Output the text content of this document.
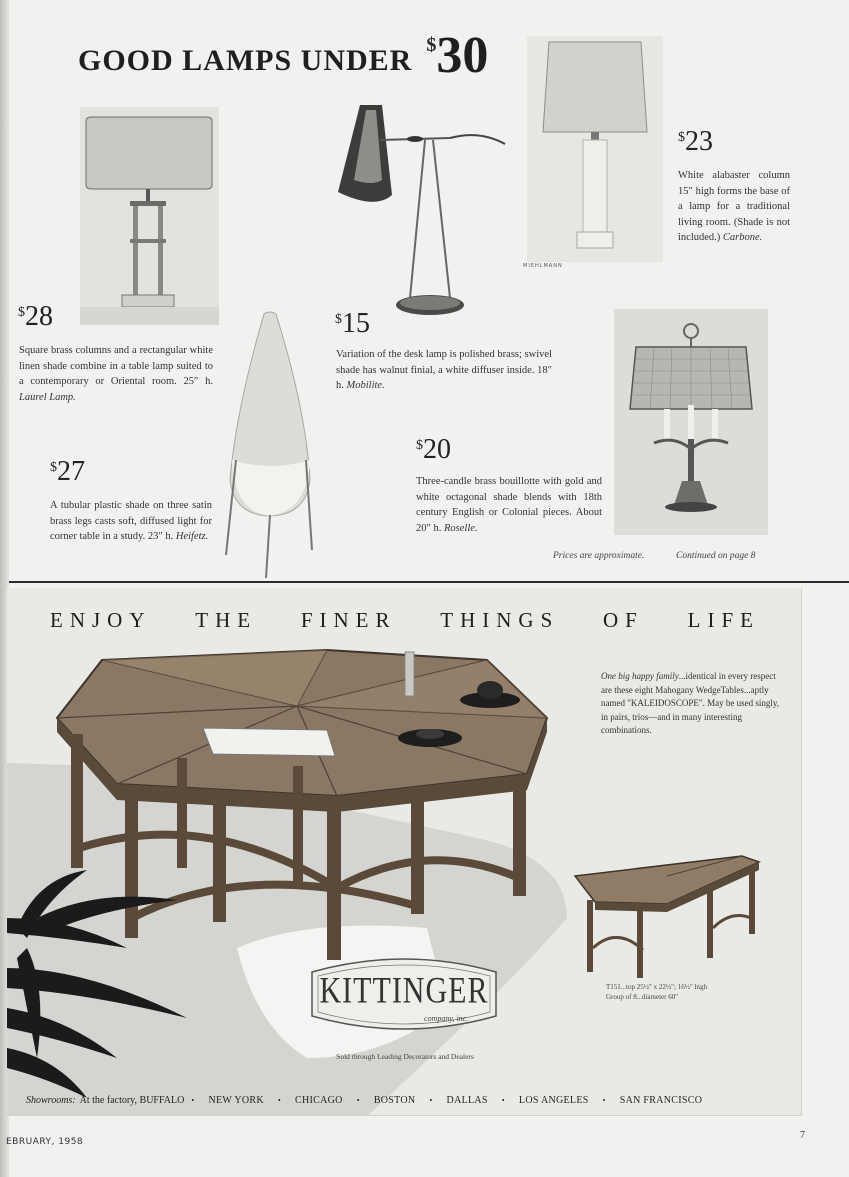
GOOD LAMPS UNDER $ 30
MIEHLMANN
$ 28
Square brass columns and a rectangular white linen shade combine in a table lamp suited to a contemporary or Oriental room. 25″ h. Laurel Lamp.
$ 15
Variation of the desk lamp is polished brass; swivel shade has walnut finial, a white diffuser inside. 18″ h. Mobilite.
$ 23
White alabaster column 15″ high forms the base of a lamp for a traditional living room. (Shade is not included.) Carbone.
$ 27
A tubular plastic shade on three satin brass legs casts soft, diffused light for corner table in a study. 23″ h. Heifetz.
$ 20
Three-candle brass bouillotte with gold and white octagonal shade blends with 18th century English or Colonial pieces. About 20″ h. Roselle.
Prices are approximate.	Continued on page 8
ENJOY THE FINER THINGS OF LIFE
One big happy family...identical in every respect are these eight Mahogany WedgeTables...aptly named "KALEIDOSCOPE". May be used singly, in pairs, trios—and in many interesting combinations.
T151...top 25½″ x 22½″; 16½″ high
Group of 8...diameter 60″
KITTINGER
company, inc.
Sold through Leading Decorators and Dealers
Showrooms: At the factory, BUFFALO • NEW YORK • CHICAGO • BOSTON • DALLAS • LOS ANGELES • SAN FRANCISCO
EBRUARY, 1958
7
